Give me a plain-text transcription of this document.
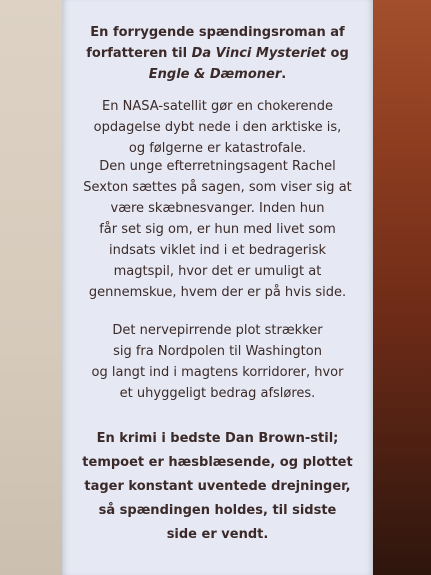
En forrygende spændingsroman af
forfatteren til Da Vinci Mysteriet og
Engle & Dæmoner.
En NASA-satellit gør en chokerende
opdagelse dybt nede i den arktiske is,
og følgerne er katastrofale.
Den unge efterretningsagent Rachel
Sexton sættes på sagen, som viser sig at
være skæbnesvanger. Inden hun
får set sig om, er hun med livet som
indsats viklet ind i et bedragerisk
magtspil, hvor det er umuligt at
gennemskue, hvem der er på hvis side.
Det nervepirrende plot strækker
sig fra Nordpolen til Washington
og langt ind i magtens korridorer, hvor
et uhyggeligt bedrag afsløres.
En krimi i bedste Dan Brown-stil;
tempoet er hæsblæsende, og plottet
tager konstant uventede drejninger,
så spændingen holdes, til sidste
side er vendt.
